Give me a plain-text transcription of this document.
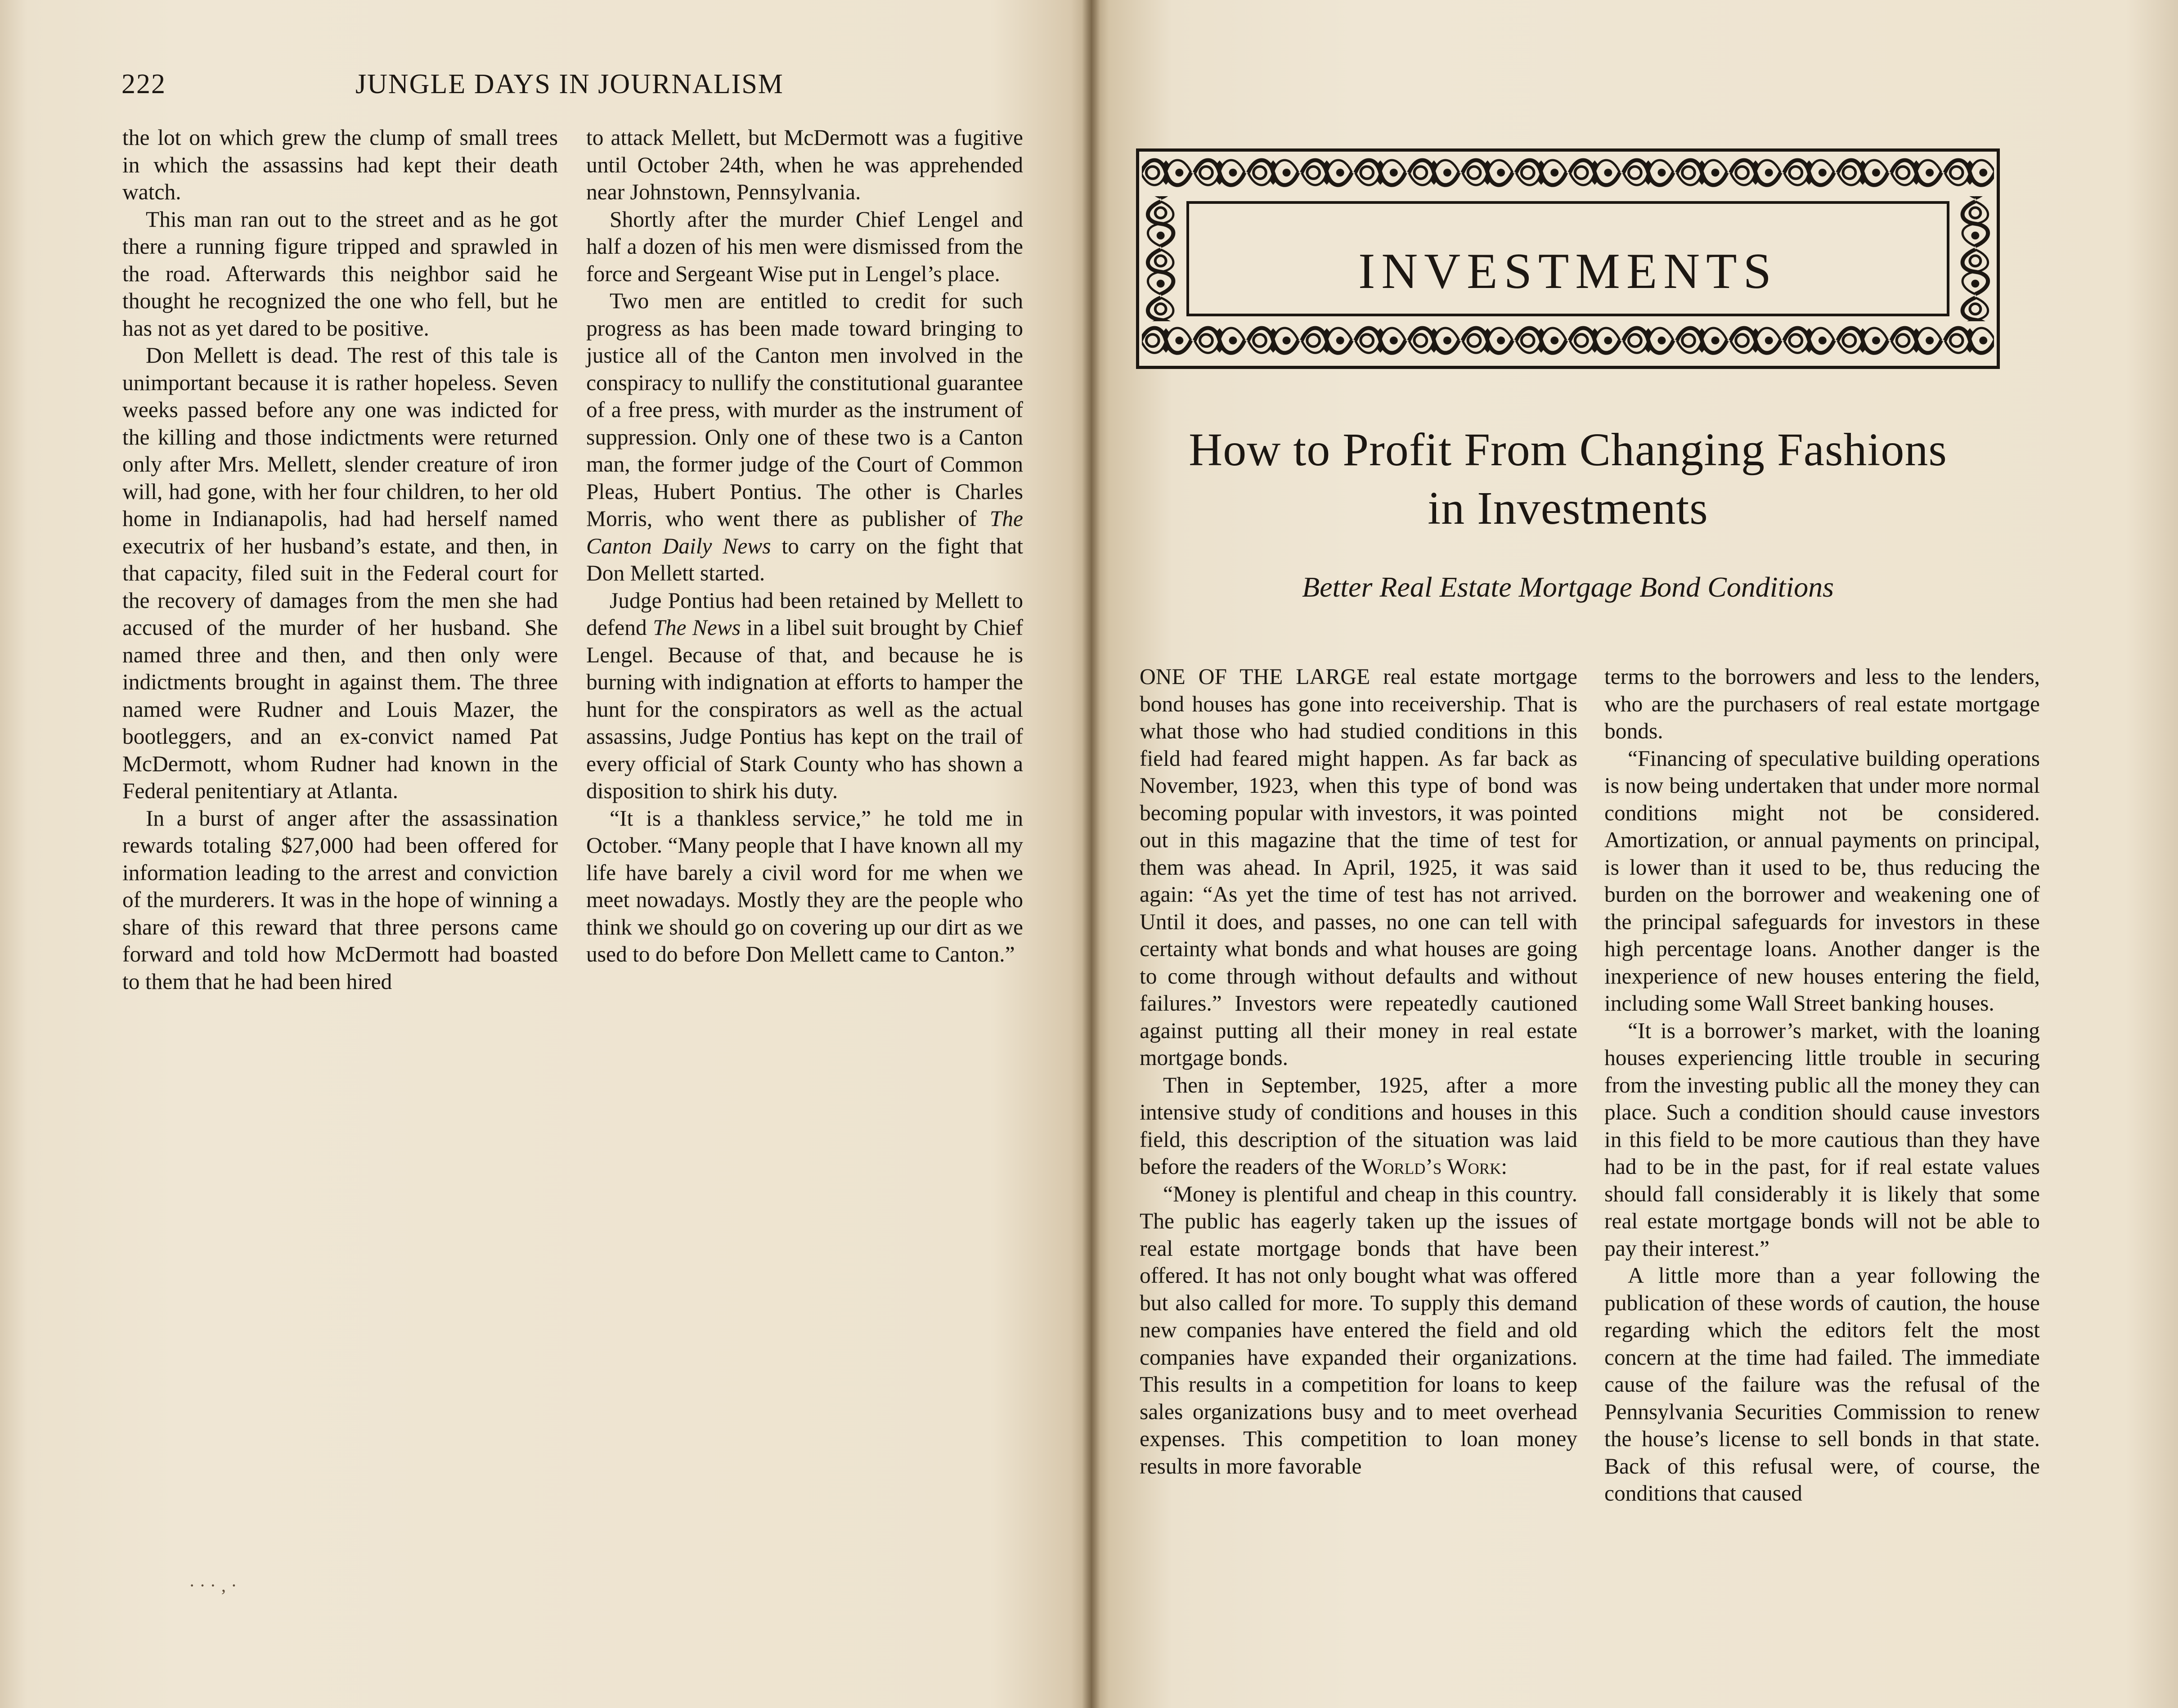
222	JUNGLE DAYS IN JOURNALISM

the lot on which grew the clump of small trees in which the assassins had kept their death watch.

This man ran out to the street and as he got there a running figure tripped and sprawled in the road. Afterwards this neighbor said he thought he recognized the one who fell, but he has not as yet dared to be positive.

Don Mellett is dead. The rest of this tale is unimportant because it is rather hopeless. Seven weeks passed before any one was indicted for the killing and those indictments were returned only after Mrs. Mellett, slender creature of iron will, had gone, with her four children, to her old home in Indianapolis, had had herself named executrix of her husband’s estate, and then, in that capacity, filed suit in the Federal court for the recovery of damages from the men she had accused of the murder of her husband. She named three and then, and then only were indictments brought in against them. The three named were Rudner and Louis Mazer, the bootleggers, and an ex-convict named Pat McDermott, whom Rudner had known in the Federal penitentiary at Atlanta.

In a burst of anger after the assassination rewards totaling $27,000 had been offered for information leading to the arrest and conviction of the murderers. It was in the hope of winning a share of this reward that three persons came forward and told how McDermott had boasted to them that he had been hired

to attack Mellett, but McDermott was a fugitive until October 24th, when he was apprehended near Johnstown, Pennsylvania.

Shortly after the murder Chief Lengel and half a dozen of his men were dismissed from the force and Sergeant Wise put in Lengel’s place.

Two men are entitled to credit for such progress as has been made toward bringing to justice all of the Canton men involved in the conspiracy to nullify the constitutional guarantee of a free press, with murder as the instrument of suppression. Only one of these two is a Canton man, the former judge of the Court of Common Pleas, Hubert Pontius. The other is Charles Morris, who went there as publisher of The Canton Daily News to carry on the fight that Don Mellett started.

Judge Pontius had been retained by Mellett to defend The News in a libel suit brought by Chief Lengel. Because of that, and because he is burning with indignation at efforts to hamper the hunt for the conspirators as well as the actual assassins, Judge Pontius has kept on the trail of every official of Stark County who has shown a disposition to shirk his duty.

“It is a thankless service,” he told me in October. “Many people that I have known all my life have barely a civil word for me when we meet nowadays. Mostly they are the people who think we should go on covering up our dirt as we used to do before Don Mellett came to Canton.”

· · · ‚ ·
INVESTMENTS
How to Profit From Changing Fashions
in Investments
Better Real Estate Mortgage Bond Conditions

ONE OF THE LARGE real estate mortgage bond houses has gone into receivership. That is what those who had studied conditions in this field had feared might happen. As far back as November, 1923, when this type of bond was becoming popular with investors, it was pointed out in this magazine that the time of test for them was ahead. In April, 1925, it was said again: “As yet the time of test has not arrived. Until it does, and passes, no one can tell with certainty what bonds and what houses are going to come through without defaults and without failures.” Investors were repeatedly cautioned against putting all their money in real estate mortgage bonds.

Then in September, 1925, after a more intensive study of conditions and houses in this field, this description of the situation was laid before the readers of the World’s Work:

“Money is plentiful and cheap in this country. The public has eagerly taken up the issues of real estate mortgage bonds that have been offered. It has not only bought what was offered but also called for more. To supply this demand new companies have entered the field and old companies have expanded their organizations. This results in a competition for loans to keep sales organizations busy and to meet overhead expenses. This competition to loan money results in more favorable

terms to the borrowers and less to the lenders, who are the purchasers of real estate mortgage bonds.

“Financing of speculative building operations is now being undertaken that under more normal conditions might not be considered. Amortization, or annual payments on principal, is lower than it used to be, thus reducing the burden on the borrower and weakening one of the principal safeguards for investors in these high percentage loans. Another danger is the inexperience of new houses entering the field, including some Wall Street banking houses.

“It is a borrower’s market, with the loaning houses experiencing little trouble in securing from the investing public all the money they can place. Such a condition should cause investors in this field to be more cautious than they have had to be in the past, for if real estate values should fall considerably it is likely that some real estate mortgage bonds will not be able to pay their interest.”

A little more than a year following the publication of these words of caution, the house regarding which the editors felt the most concern at the time had failed. The immediate cause of the failure was the refusal of the Pennsylvania Securities Commission to renew the house’s license to sell bonds in that state. Back of this refusal were, of course, the conditions that caused
